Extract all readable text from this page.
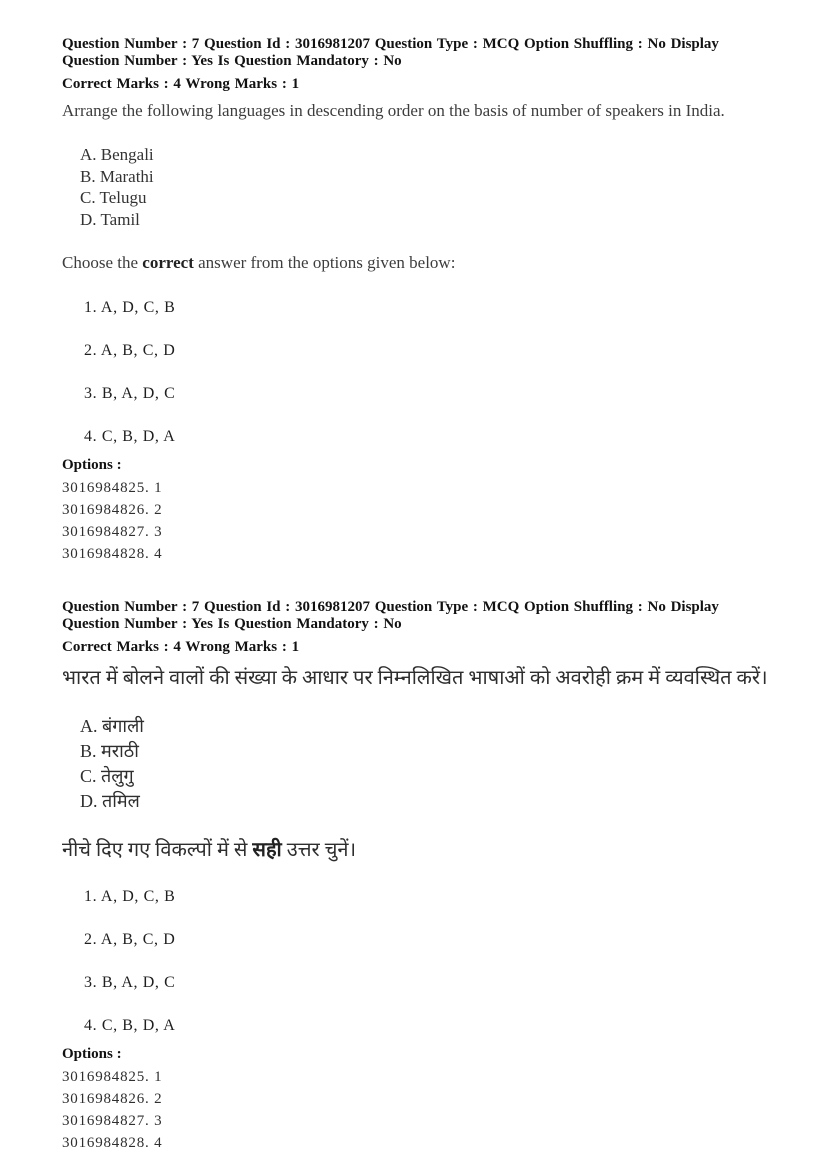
Question Number : 7 Question Id : 3016981207 Question Type : MCQ Option Shuffling : No Display Question Number : Yes Is Question Mandatory : No
Correct Marks : 4 Wrong Marks : 1
Arrange the following languages in descending order on the basis of number of speakers in India.
A. Bengali
B. Marathi
C. Telugu
D. Tamil
Choose the correct answer from the options given below:
1. A, D, C, B
2. A, B, C, D
3. B, A, D, C
4. C, B, D, A
Options :
3016984825. 1
3016984826. 2
3016984827. 3
3016984828. 4
Question Number : 7 Question Id : 3016981207 Question Type : MCQ Option Shuffling : No Display Question Number : Yes Is Question Mandatory : No
Correct Marks : 4 Wrong Marks : 1
भारत में बोलने वालों की संख्या के आधार पर निम्नलिखित भाषाओं को अवरोही क्रम में व्यवस्थित करें।
A. बंगाली
B. मराठी
C. तेलुगु
D. तमिल
नीचे दिए गए विकल्पों में से सही उत्तर चुनें।
1. A, D, C, B
2. A, B, C, D
3. B, A, D, C
4. C, B, D, A
Options :
3016984825. 1
3016984826. 2
3016984827. 3
3016984828. 4
